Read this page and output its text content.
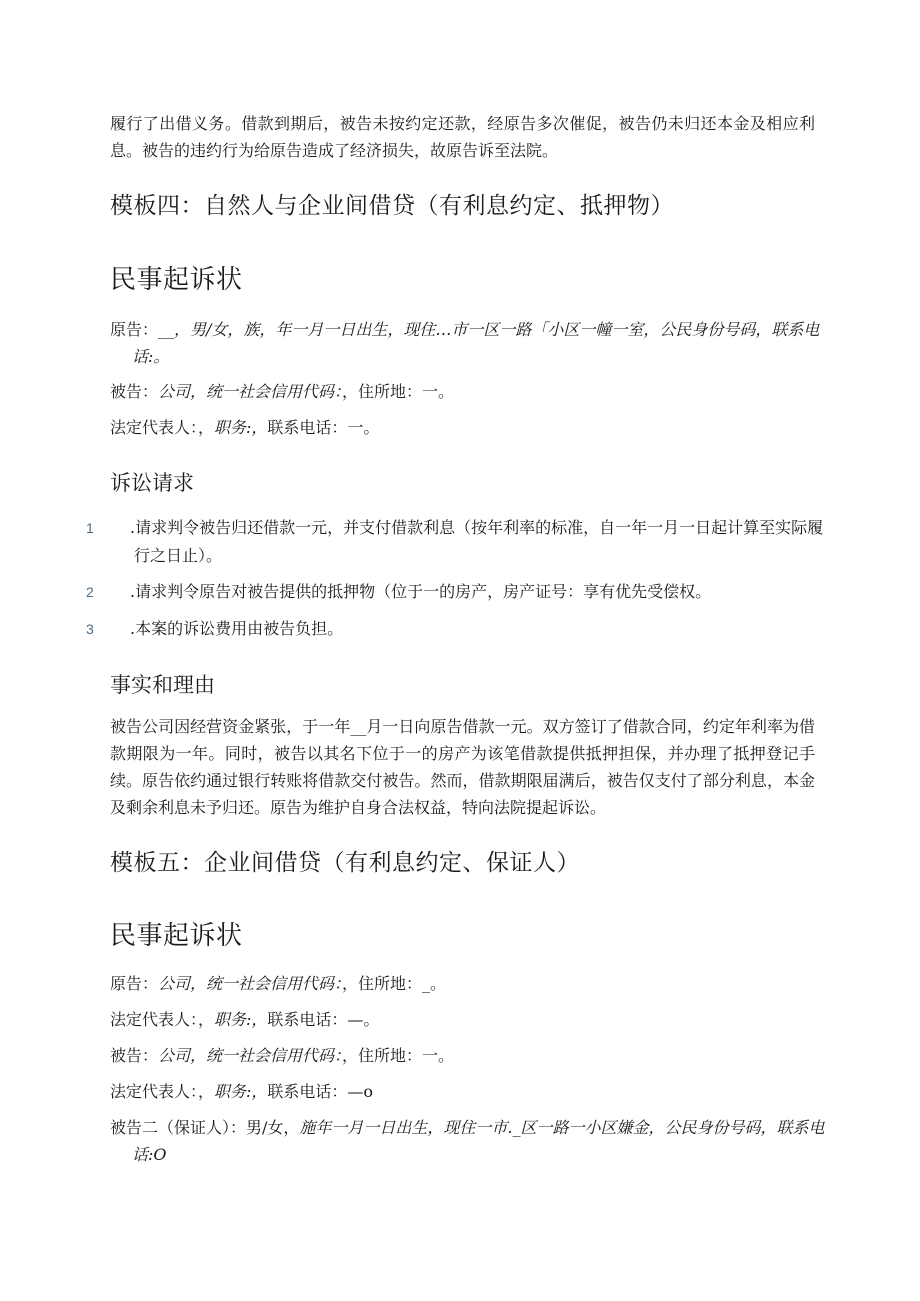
履行了出借义务。借款到期后，被告未按约定还款，经原告多次催促，被告仍未归还本金及相应利息。被告的违约行为给原告造成了经济损失，故原告诉至法院。

模板四：自然人与企业间借贷（有利息约定、抵押物）
民事起诉状

原告：__，男/女，族，年一月一日出生，现住…市一区一路「小区一幢一室，公民身份号码，联系电话:。

被告：公司，统一社会信用代码：，住所地：一。

法定代表人：，职务:，联系电话：一。

诉讼请求

1 .请求判令被告归还借款一元，并支付借款利息（按年利率的标准，自一年一月一日起计算至实际履行之日止）。

2 .请求判令原告对被告提供的抵押物（位于一的房产，房产证号：享有优先受偿权。

3 .本案的诉讼费用由被告负担。

事实和理由

被告公司因经营资金紧张，于一年__月一日向原告借款一元。双方签订了借款合同，约定年利率为借款期限为一年。同时，被告以其名下位于一的房产为该笔借款提供抵押担保，并办理了抵押登记手续。原告依约通过银行转账将借款交付被告。然而，借款期限届满后，被告仅支付了部分利息，本金及剩余利息未予归还。原告为维护自身合法权益，特向法院提起诉讼。

模板五：企业间借贷（有利息约定、保证人）
民事起诉状

原告：公司，统一社会信用代码：，住所地：_。

法定代表人：，职务:，联系电话：—。

被告：公司，统一社会信用代码：，住所地：一。

法定代表人：，职务:，联系电话：—o

被告二（保证人）：男/女，施年一月一日出生，现住一市._区一路一小区嫌金，公民身份号码，联系电话:O
